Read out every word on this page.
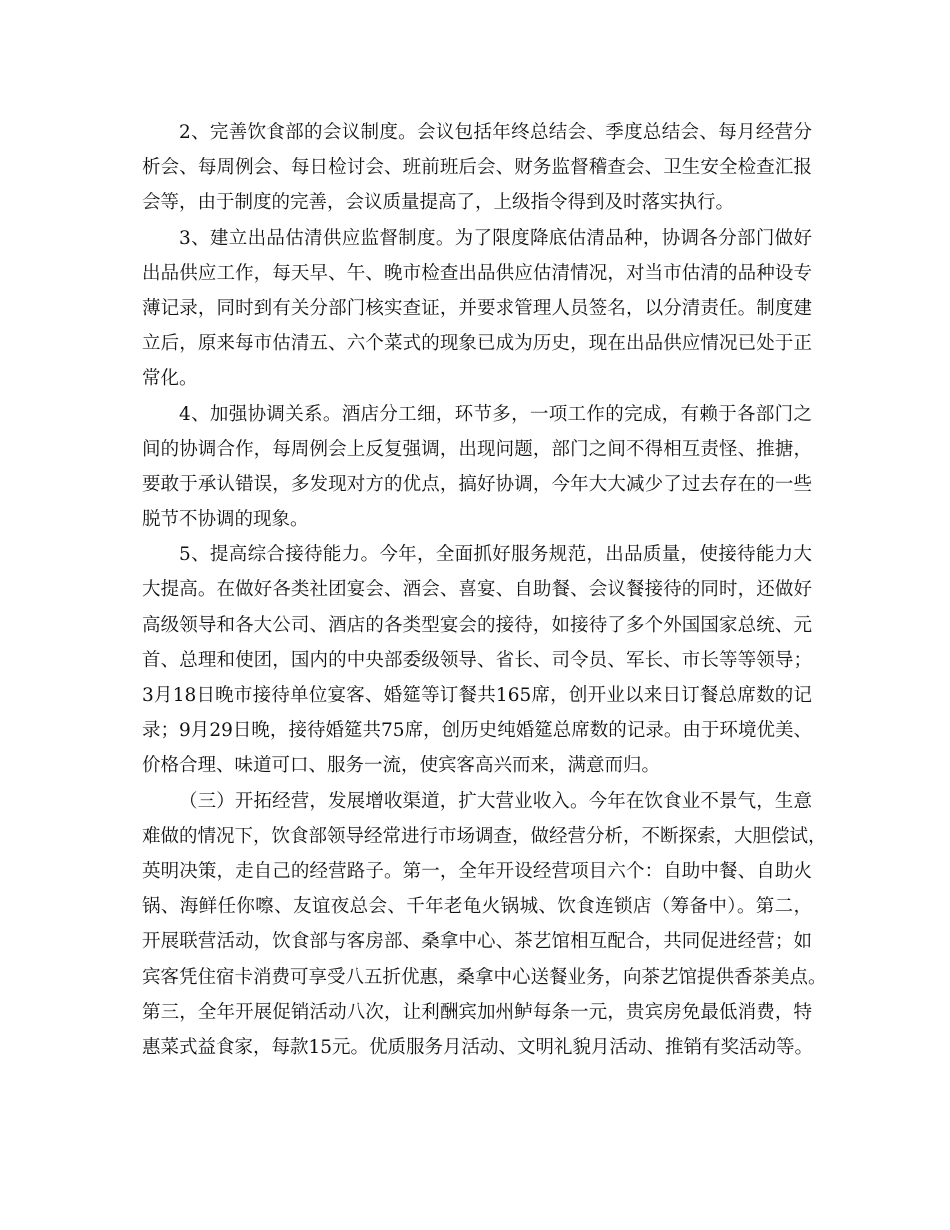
2、完善饮食部的会议制度。会议包括年终总结会、季度总结会、每月经营分
析会、每周例会、每日检讨会、班前班后会、财务监督稽查会、卫生安全检查汇报
会等，由于制度的完善，会议质量提高了，上级指令得到及时落实执行。
3、建立出品估清供应监督制度。为了限度降底估清品种，协调各分部门做好
出品供应工作，每天早、午、晚市检查出品供应估清情况，对当市估清的品种设专
薄记录，同时到有关分部门核实查证，并要求管理人员签名，以分清责任。制度建
立后，原来每市估清五、六个菜式的现象已成为历史，现在出品供应情况已处于正
常化。
4、加强协调关系。酒店分工细，环节多，一项工作的完成，有赖于各部门之
间的协调合作，每周例会上反复强调，出现问题，部门之间不得相互责怪、推搪，
要敢于承认错误，多发现对方的优点，搞好协调，今年大大减少了过去存在的一些
脱节不协调的现象。
5、提高综合接待能力。今年，全面抓好服务规范，出品质量，使接待能力大
大提高。在做好各类社团宴会、酒会、喜宴、自助餐、会议餐接待的同时，还做好
高级领导和各大公司、酒店的各类型宴会的接待，如接待了多个外国国家总统、元
首、总理和使团，国内的中央部委级领导、省长、司令员、军长、市长等等领导；
3月18日晚市接待单位宴客、婚筵等订餐共165席，创开业以来日订餐总席数的记
录；9月29日晚，接待婚筵共75席，创历史纯婚筵总席数的记录。由于环境优美、
价格合理、味道可口、服务一流，使宾客高兴而来，满意而归。
（三）开拓经营，发展增收渠道，扩大营业收入。今年在饮食业不景气，生意
难做的情况下，饮食部领导经常进行市场调查，做经营分析，不断探索，大胆偿试，
英明决策，走自己的经营路子。第一，全年开设经营项目六个：自助中餐、自助火
锅、海鲜任你嚓、友谊夜总会、千年老龟火锅城、饮食连锁店（筹备中）。第二，
开展联营活动，饮食部与客房部、桑拿中心、茶艺馆相互配合，共同促进经营；如
宾客凭住宿卡消费可享受八五折优惠，桑拿中心送餐业务，向茶艺馆提供香茶美点。
第三，全年开展促销活动八次，让利酬宾加州鲈每条一元，贵宾房免最低消费，特
惠菜式益食家，每款15元。优质服务月活动、文明礼貌月活动、推销有奖活动等。
